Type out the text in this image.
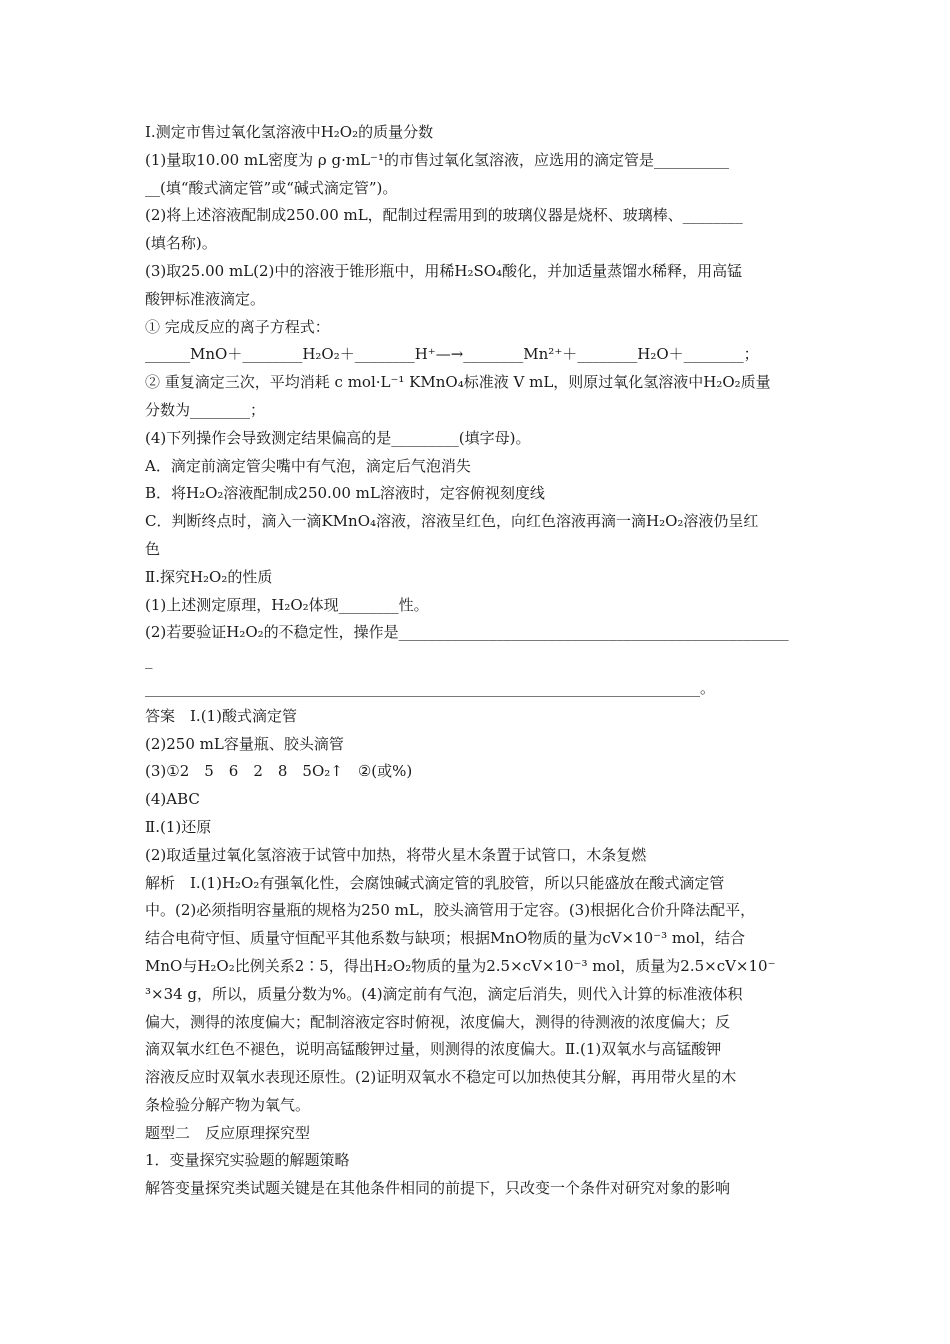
Ⅰ.测定市售过氧化氢溶液中H₂O₂的质量分数
(1)量取10.00 mL密度为 ρ g·mL⁻¹的市售过氧化氢溶液，应选用的滴定管是__________
__(填“酸式滴定管”或“碱式滴定管”)。
(2)将上述溶液配制成250.00 mL，配制过程需用到的玻璃仪器是烧杯、玻璃棒、________
(填名称)。
(3)取25.00 mL(2)中的溶液于锥形瓶中，用稀H₂SO₄酸化，并加适量蒸馏水稀释，用高锰
酸钾标准液滴定。
① 完成反应的离子方程式：
______MnO＋________H₂O₂＋________H⁺—→________Mn²⁺＋________H₂O＋________；
② 重复滴定三次，平均消耗 c mol·L⁻¹ KMnO₄标准液 V mL，则原过氧化氢溶液中H₂O₂质量
分数为________；
(4)下列操作会导致测定结果偏高的是_________(填字母)。
A．滴定前滴定管尖嘴中有气泡，滴定后气泡消失
B．将H₂O₂溶液配制成250.00 mL溶液时，定容俯视刻度线
C．判断终点时，滴入一滴KMnO₄溶液，溶液呈红色，向红色溶液再滴一滴H₂O₂溶液仍呈红
色
Ⅱ.探究H₂O₂的性质
(1)上述测定原理，H₂O₂体现________性。
(2)若要验证H₂O₂的不稳定性，操作是____________________________________________________
_
__________________________________________________________________________。
答案　Ⅰ.(1)酸式滴定管
(2)250 mL容量瓶、胶头滴管
(3)①2　5　6　2　8　5O₂↑　②(或%)
(4)ABC
Ⅱ.(1)还原
(2)取适量过氧化氢溶液于试管中加热，将带火星木条置于试管口，木条复燃
解析　Ⅰ.(1)H₂O₂有强氧化性，会腐蚀碱式滴定管的乳胶管，所以只能盛放在酸式滴定管
中。(2)必须指明容量瓶的规格为250 mL，胶头滴管用于定容。(3)根据化合价升降法配平，
结合电荷守恒、质量守恒配平其他系数与缺项；根据MnO物质的量为cV×10⁻³ mol，结合
MnO与H₂O₂比例关系2∶5，得出H₂O₂物质的量为2.5×cV×10⁻³ mol，质量为2.5×cV×10⁻
³×34 g，所以，质量分数为%。(4)滴定前有气泡，滴定后消失，则代入计算的标准液体积
偏大，测得的浓度偏大；配制溶液定容时俯视，浓度偏大，测得的待测液的浓度偏大；反
滴双氧水红色不褪色，说明高锰酸钾过量，则测得的浓度偏大。Ⅱ.(1)双氧水与高锰酸钾
溶液反应时双氧水表现还原性。(2)证明双氧水不稳定可以加热使其分解，再用带火星的木
条检验分解产物为氧气。
题型二　反应原理探究型
1．变量探究实验题的解题策略
解答变量探究类试题关键是在其他条件相同的前提下，只改变一个条件对研究对象的影响
